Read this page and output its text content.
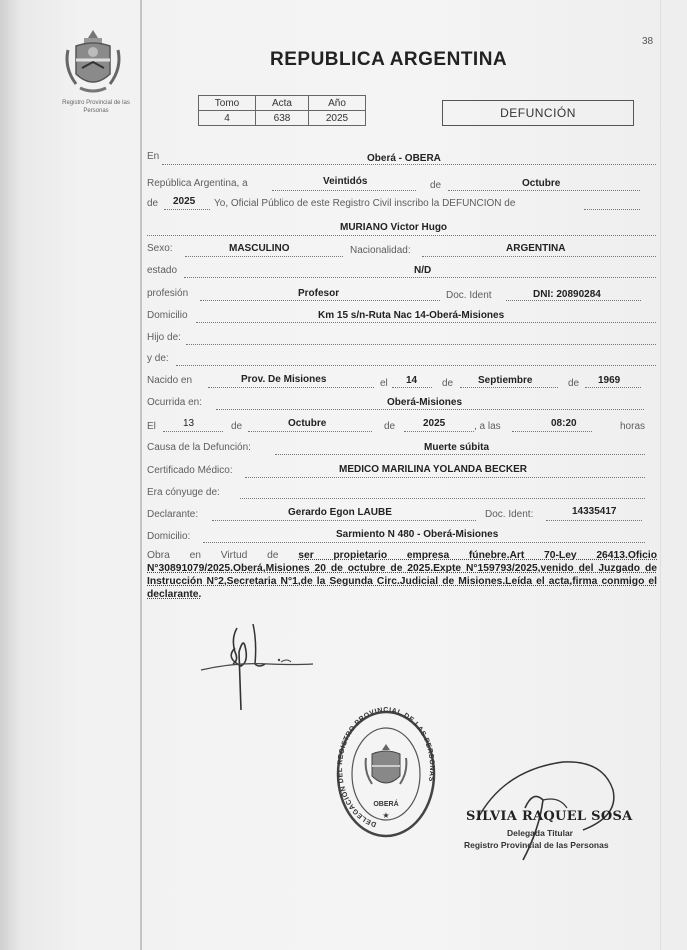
38
Registro Provincial de las Personas
REPUBLICA ARGENTINA
Tomo	Acta	Año
4	638	2025	DEFUNCIÓN
En	Oberá - OBERA
República Argentina, a	Veintidós	de	Octubre
de 2025 Yo, Oficial Público de este Registro Civil inscribo la DEFUNCION de
MURIANO Victor Hugo
Sexo:	MASCULINO	Nacionalidad:	ARGENTINA
estado	N/D
profesión	Profesor	Doc. Ident	DNI: 20890284
Domicilio	Km 15 s/n-Ruta Nac 14-Oberá-Misiones
Hijo de:
y de:
Nacido en	Prov. De Misiones	el 14 de Septiembre	de 1969
Ocurrida en:	Oberá-Misiones
El	13	de	Octubre	de	2025	, a las	08:20	horas
Causa de la Defunción:	Muerte súbita
Certificado Médico:	MEDICO MARILINA YOLANDA BECKER
Era cónyuge de:
Declarante:	Gerardo Egon LAUBE	Doc. Ident:	14335417
Domicilio:	Sarmiento N 480 - Oberá-Misiones
Obra en Virtud de ser propietario empresa fúnebre.Art 70-Ley 26413.Oficio N°30891079/2025.Oberá,Misiones 20 de octubre de 2025.Expte N°159793/2025,venido del Juzgado de Instrucción N°2,Secretaria N°1,de la Segunda Circ.Judicial de Misiones.Leída el acta,firma conmigo el declarante.
DELEGACIÓN DEL REGISTRO PROVINCIAL DE LAS PERSONAS
OBERÁ
★	SILVIA RAQUEL SOSA
Delegada Titular
Registro Provincial de las Personas
